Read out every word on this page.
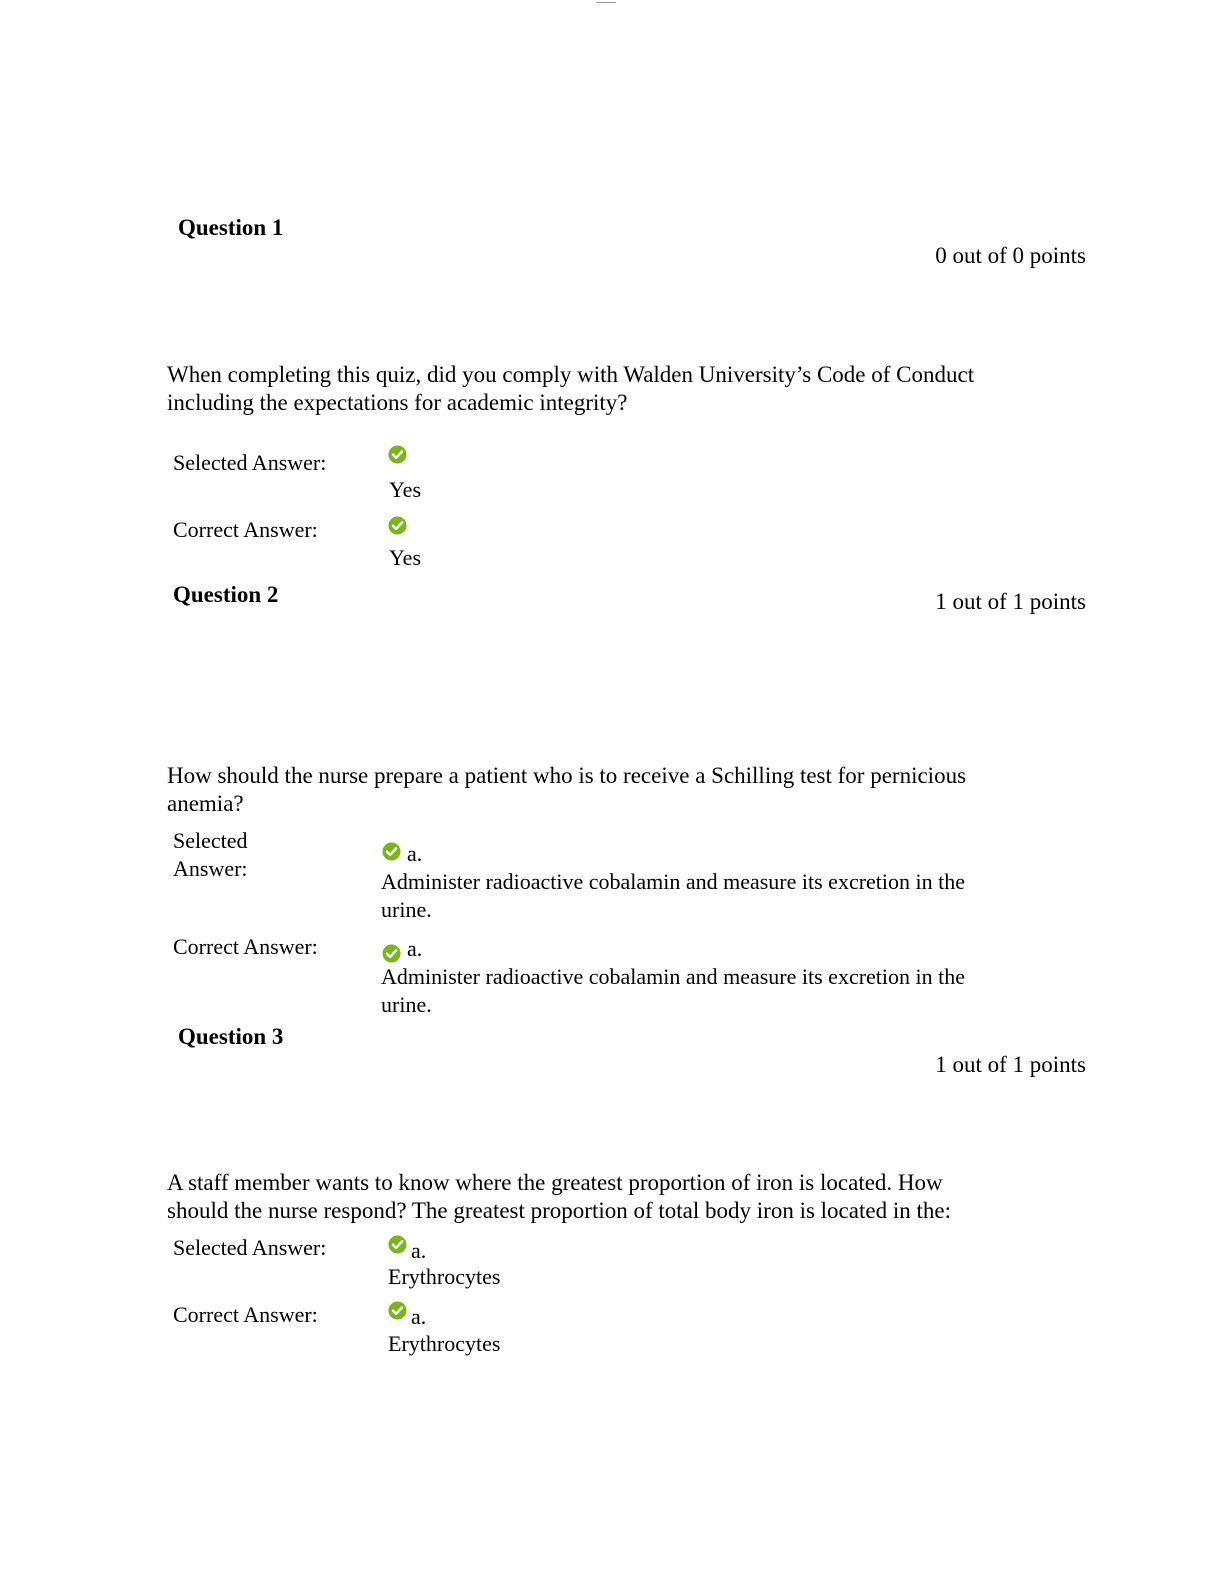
Question 1
0 out of 0 points
When completing this quiz, did you comply with Walden University’s Code of Conduct
including the expectations for academic integrity?
Selected Answer:
Yes
Correct Answer:
Yes
Question 2	1 out of 1 points
How should the nurse prepare a patient who is to receive a Schilling test for pernicious
anemia?
Selected
Answer:
a.
Administer radioactive cobalamin and measure its excretion in the
urine.
Correct Answer:	a.
Administer radioactive cobalamin and measure its excretion in the
urine.
Question 3
1 out of 1 points
A staff member wants to know where the greatest proportion of iron is located. How
should the nurse respond? The greatest proportion of total body iron is located in the:
Selected Answer:	a.
Erythrocytes
Correct Answer:	a.
Erythrocytes
